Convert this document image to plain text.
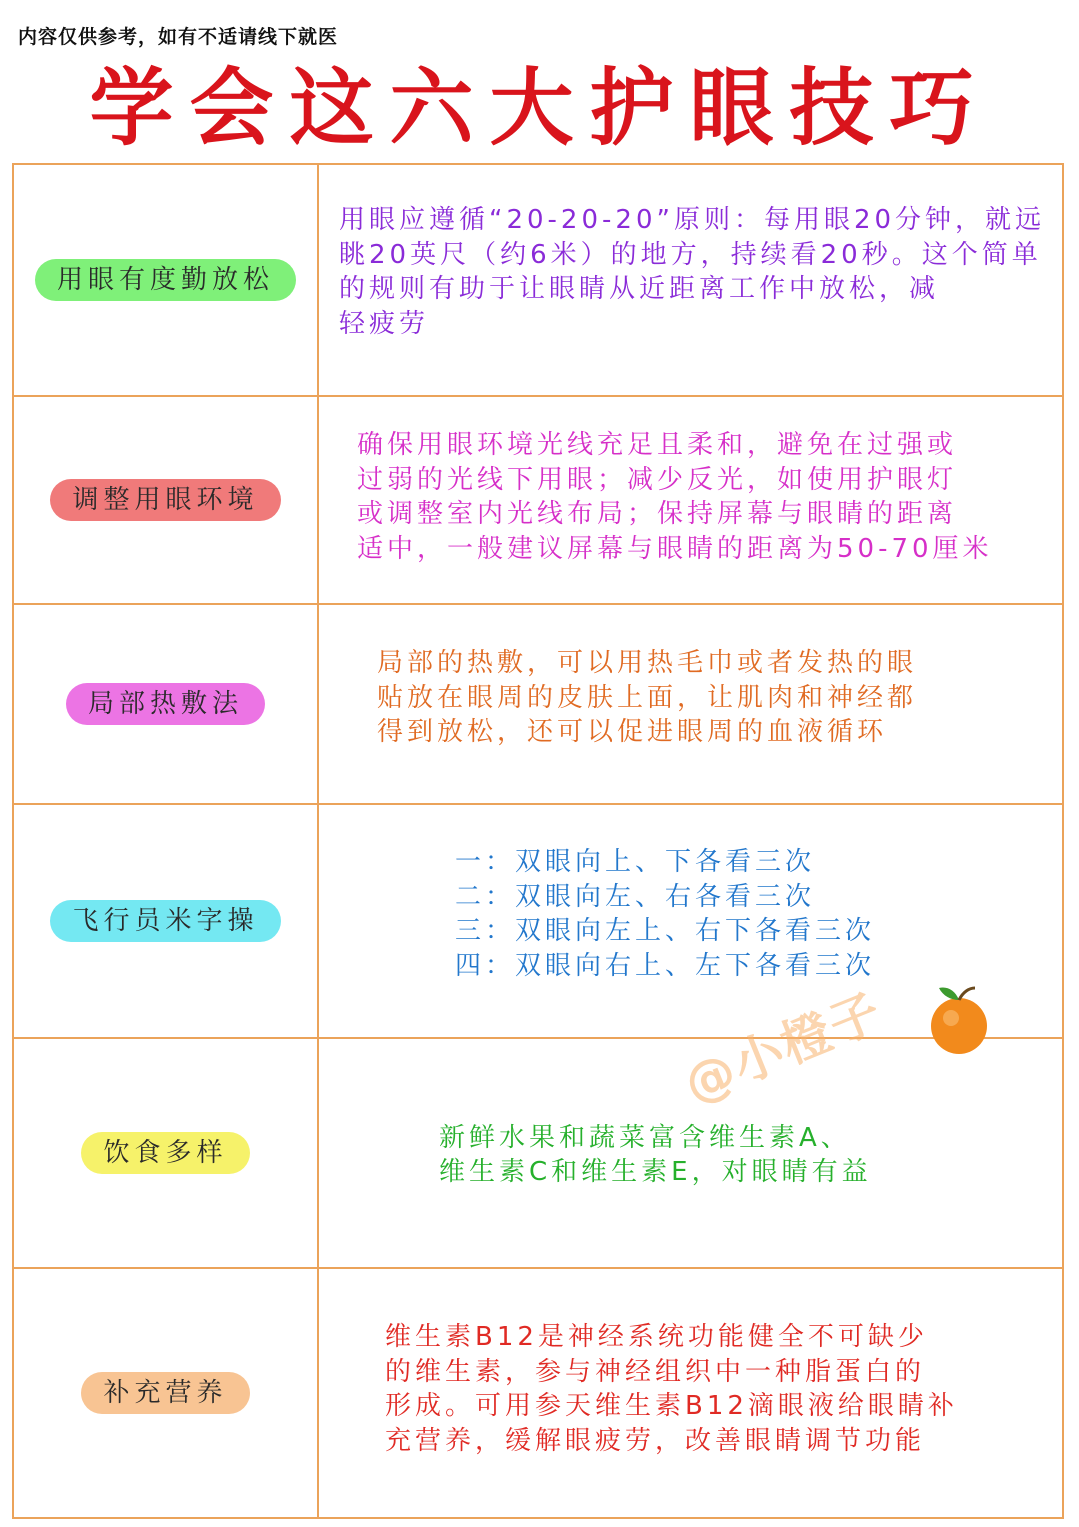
内容仅供参考，如有不适请线下就医
学会这六大护眼技巧
用眼有度勤放松	用眼应遵循“20-20-20”原则：每用眼20分钟，就远
眺20英尺（约6米）的地方，持续看20秒。这个简单
的规则有助于让眼睛从近距离工作中放松，减
轻疲劳

调整用眼环境	确保用眼环境光线充足且柔和，避免在过强或
过弱的光线下用眼；减少反光，如使用护眼灯
或调整室内光线布局；保持屏幕与眼睛的距离
适中，一般建议屏幕与眼睛的距离为50-70厘米

局部热敷法	局部的热敷，可以用热毛巾或者发热的眼
贴放在眼周的皮肤上面，让肌肉和神经都
得到放松，还可以促进眼周的血液循环

飞行员米字操	一：双眼向上、下各看三次
二：双眼向左、右各看三次
三：双眼向左上、右下各看三次
四：双眼向右上、左下各看三次

饮食多样	新鲜水果和蔬菜富含维生素A、
维生素C和维生素E，对眼睛有益

补充营养	维生素B12是神经系统功能健全不可缺少
的维生素，参与神经组织中一种脂蛋白的
形成。可用参天维生素B12滴眼液给眼睛补
充营养，缓解眼疲劳，改善眼睛调节功能
@小橙子
